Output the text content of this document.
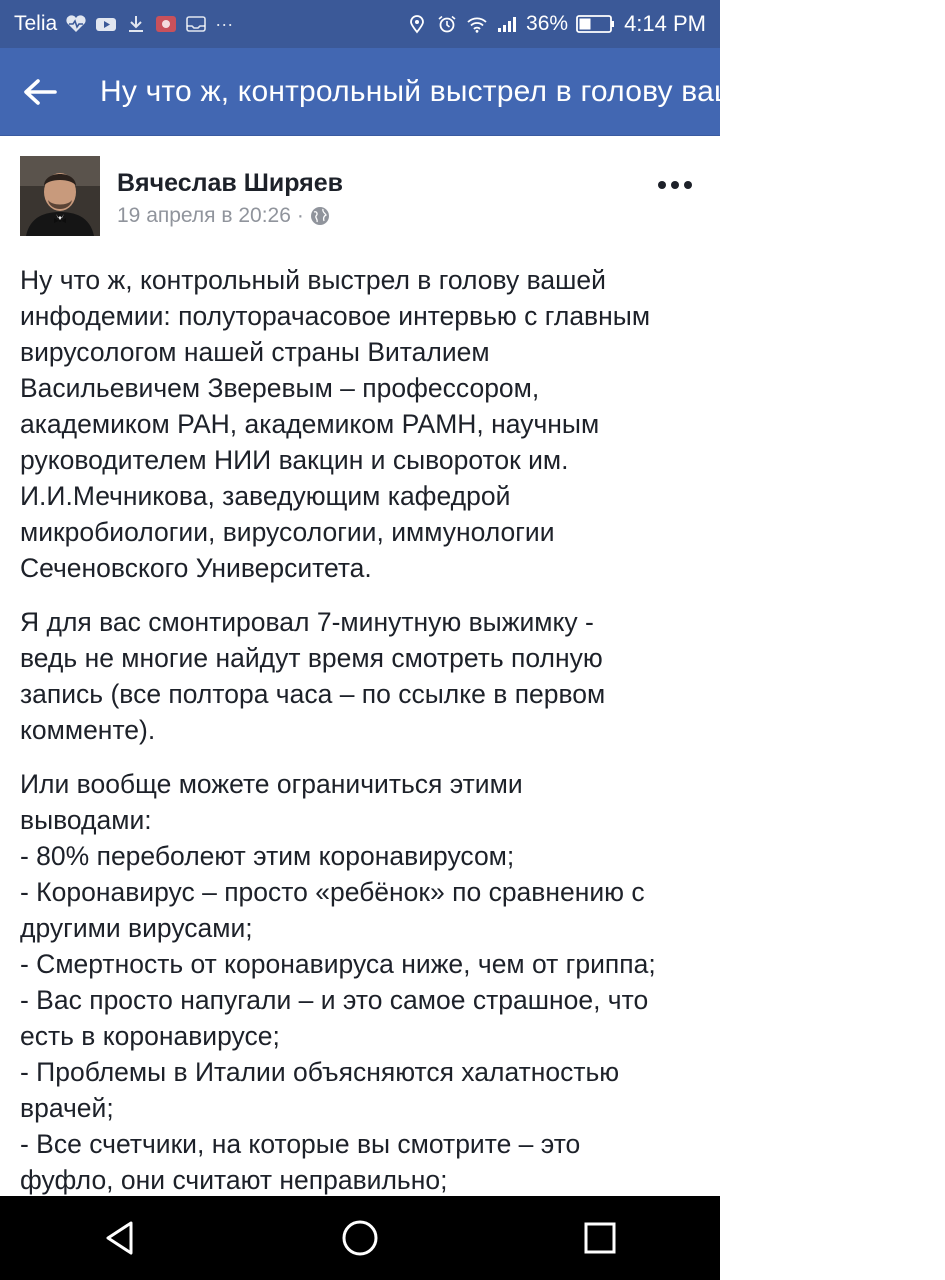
Telia	···	36%	4:14 PM
Ну что ж, контрольный выстрел в голову вашей инфодемии
Вячеслав Ширяев
19 апреля в 20:26 ·

Ну что ж, контрольный выстрел в голову вашей
инфодемии: полуторачасовое интервью с главным
вирусологом нашей страны Виталием
Васильевичем Зверевым – профессором,
академиком РАН, академиком РАМН, научным
руководителем НИИ вакцин и сывороток им.
И.И.Мечникова, заведующим кафедрой
микробиологии, вирусологии, иммунологии
Сеченовского Университета.

Я для вас смонтировал 7-минутную выжимку -
ведь не многие найдут время смотреть полную
запись (все полтора часа – по ссылке в первом
комменте).

Или вообще можете ограничиться этими
выводами:
- 80% переболеют этим коронавирусом;
- Коронавирус – просто «ребёнок» по сравнению с
другими вирусами;
- Смертность от коронавируса ниже, чем от гриппа;
- Вас просто напугали – и это самое страшное, что
есть в коронавирусе;
- Проблемы в Италии объясняются халатностью
врачей;
- Все счетчики, на которые вы смотрите – это
фуфло, они считают неправильно;
